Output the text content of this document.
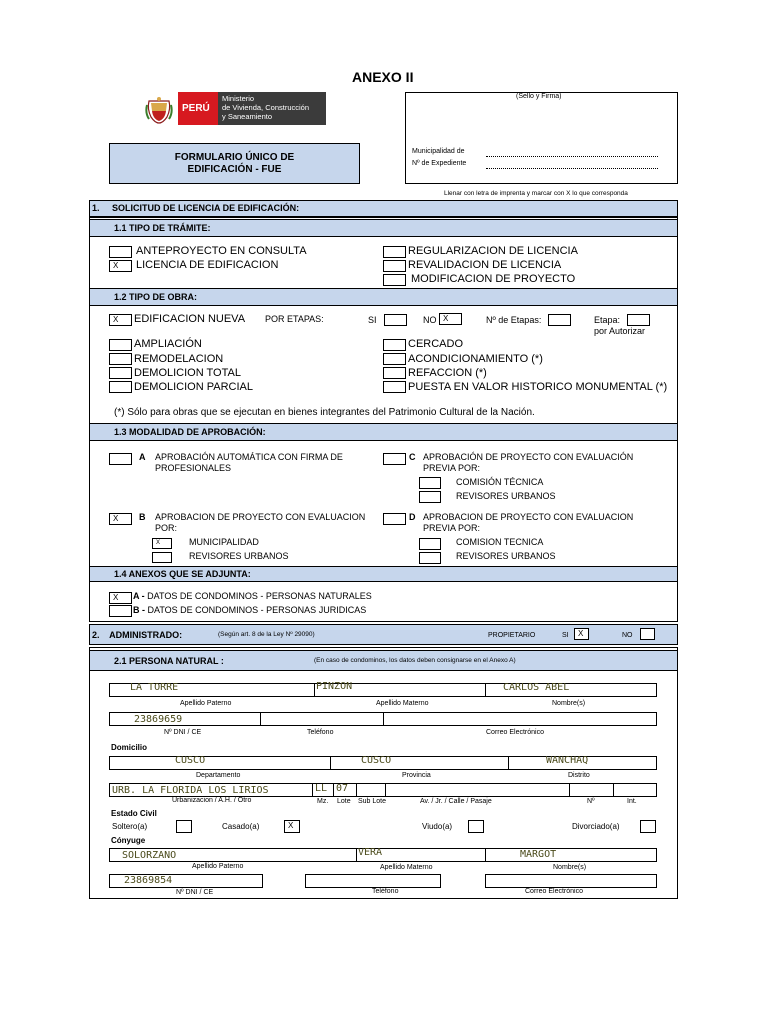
ANEXO II
PERÚ
Ministerio
de Vivienda, Construcción
y Saneamiento
FORMULARIO ÚNICO DE
EDIFICACIÓN - FUE
(Sello y Firma)
Municipalidad de
Nº de Expediente
Llenar con letra de imprenta y marcar con X lo que corresponda
1.     SOLICITUD DE LICENCIA DE EDIFICACIÓN:
1.1 TIPO DE TRÁMITE:
ANTEPROYECTO EN CONSULTA
X	LICENCIA DE EDIFICACION
REGULARIZACION DE LICENCIA
REVALIDACION DE LICENCIA
MODIFICACION DE PROYECTO
1.2 TIPO DE OBRA:
X	EDIFICACION NUEVA POR ETAPAS:	SI	NO X	Nº de Etapas:	Etapa:
por Autorizar
AMPLIACIÓN
REMODELACION
DEMOLICION TOTAL
DEMOLICION PARCIAL
CERCADO
ACONDICIONAMIENTO (*)
REFACCION (*)
PUESTA EN VALOR HISTORICO MONUMENTAL (*)
(*) Sólo para obras que se ejecutan en bienes integrantes del Patrimonio Cultural de la Nación.
1.3 MODALIDAD DE APROBACIÓN:
A APROBACIÓN AUTOMÁTICA CON FIRMA DE
PROFESIONALES
X	B APROBACION DE PROYECTO CON EVALUACION
POR:
X	MUNICIPALIDAD
REVISORES URBANOS
C APROBACIÓN DE PROYECTO CON EVALUACIÓN
PREVIA POR:
COMISIÓN TÉCNICA
REVISORES URBANOS
D APROBACION DE PROYECTO CON EVALUACION
PREVIA POR:
COMISION TECNICA
REVISORES URBANOS
1.4 ANEXOS QUE SE ADJUNTA:
X	A - DATOS DE CONDOMINOS - PERSONAS NATURALES
B - DATOS DE CONDOMINOS - PERSONAS JURIDICAS
2.    ADMINISTRADO:	(Según art. 8 de la Ley Nº 29090)	PROPIETARIO	SI	X	NO
2.1 PERSONA NATURAL :	(En caso de condominos, los datos deben consignarse en el Anexo A)
LA TORRE	PINZON	CARLOS ABEL
Apellido Paterno	Apellido Materno	Nombre(s)
23869659
Nº DNI / CE	Teléfono	Correo Electrónico
Domicilio
CUSCO	CUSCO	WANCHAQ
Departamento	Provincia	Distrito
URB. LA FLORIDA LOS LIRIOS	LL 07
Urbanizacion / A.H. / Otro	Mz. Lote Sub Lote	Av. / Jr. / Calle / Pasaje	Nº	Int.
Estado Civil
Soltero(a)	Casado(a)	X	Viudo(a)	Divorciado(a)
Cónyuge
SOLORZANO	VERA	MARGOT
Apellido Paterno	Apellido Materno	Nombre(s)
23869854
Nº DNI / CE	Teléfono	Correo Electrónico
